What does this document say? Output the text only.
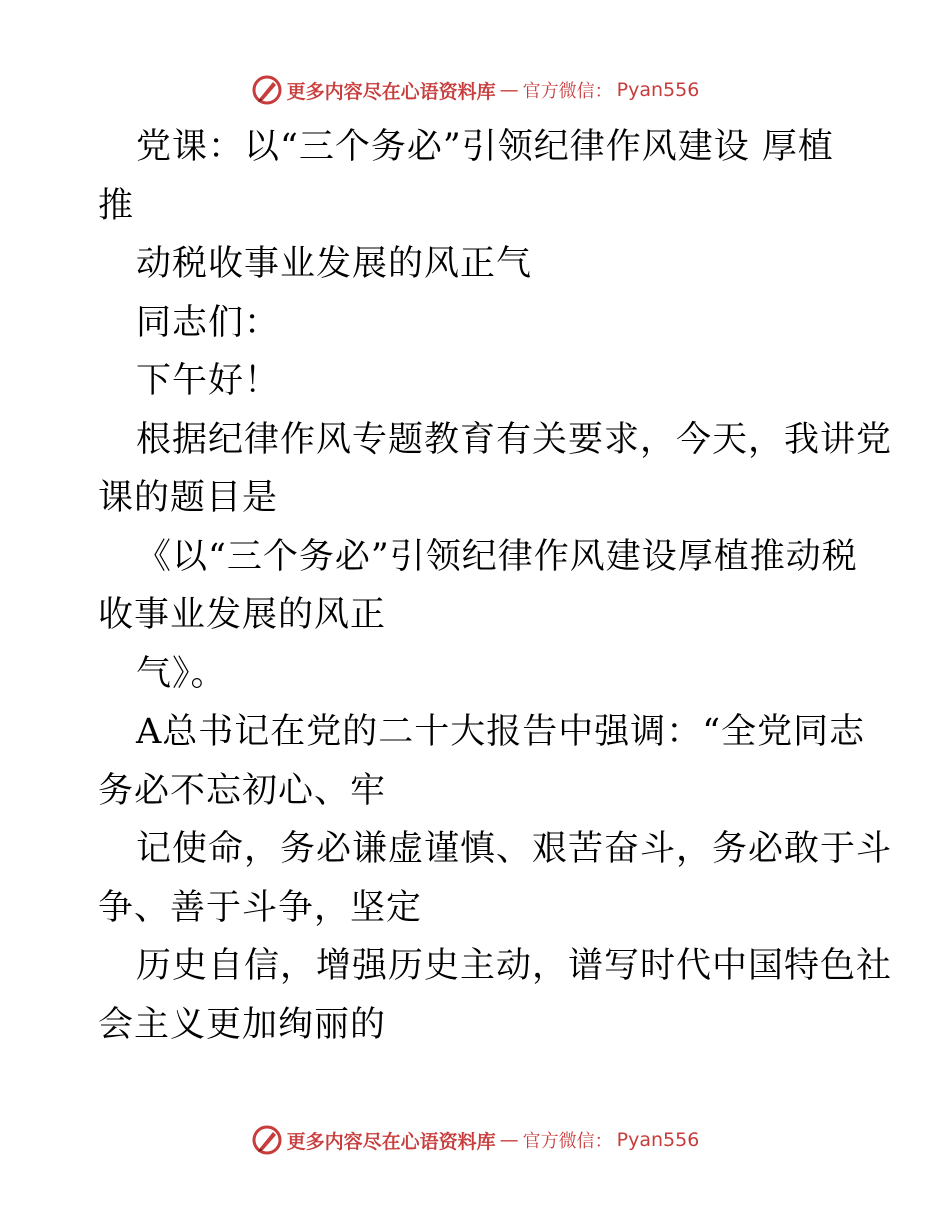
更多内容尽在心语资料库 — 官方微信： Pyan556
党课：以“三个务必”引领纪律作风建设 厚植
推
动税收事业发展的风正气
同志们：
下午好！
根据纪律作风专题教育有关要求，今天，我讲党
课的题目是
《以“三个务必”引领纪律作风建设厚植推动税
收事业发展的风正
气》。
A总书记在党的二十大报告中强调：“全党同志
务必不忘初心、牢
记使命，务必谦虚谨慎、艰苦奋斗，务必敢于斗
争、善于斗争，坚定
历史自信，增强历史主动，谱写时代中国特色社
会主义更加绚丽的
更多内容尽在心语资料库 — 官方微信： Pyan556
